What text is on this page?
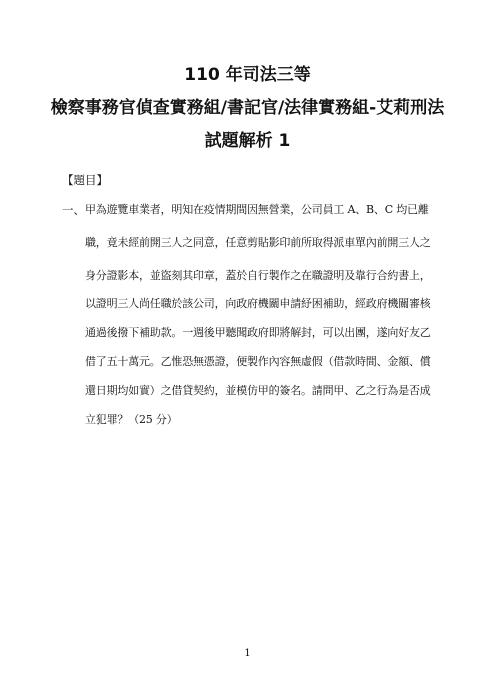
110 年司法三等
檢察事務官偵查實務組/書記官/法律實務組-艾莉刑法
試題解析 1
【題目】
一、 甲為遊覽車業者，明知在疫情期間因無營業，公司員工 A、B、C 均已離
職，竟未經前開三人之同意，任意剪貼影印前所取得派車單內前開三人之
身分證影本，並盜刻其印章，蓋於自行製作之在職證明及靠行合約書上，
以證明三人尚任職於該公司，向政府機關申請紓困補助，經政府機關審核
通過後撥下補助款。一週後甲聽聞政府即將解封，可以出團，遂向好友乙
借了五十萬元。乙惟恐無憑證，便製作內容無虛假（借款時間、金額、償
還日期均如實）之借貸契約，並模仿甲的簽名。請問甲、乙之行為是否成
立犯罪？（25 分）
1
